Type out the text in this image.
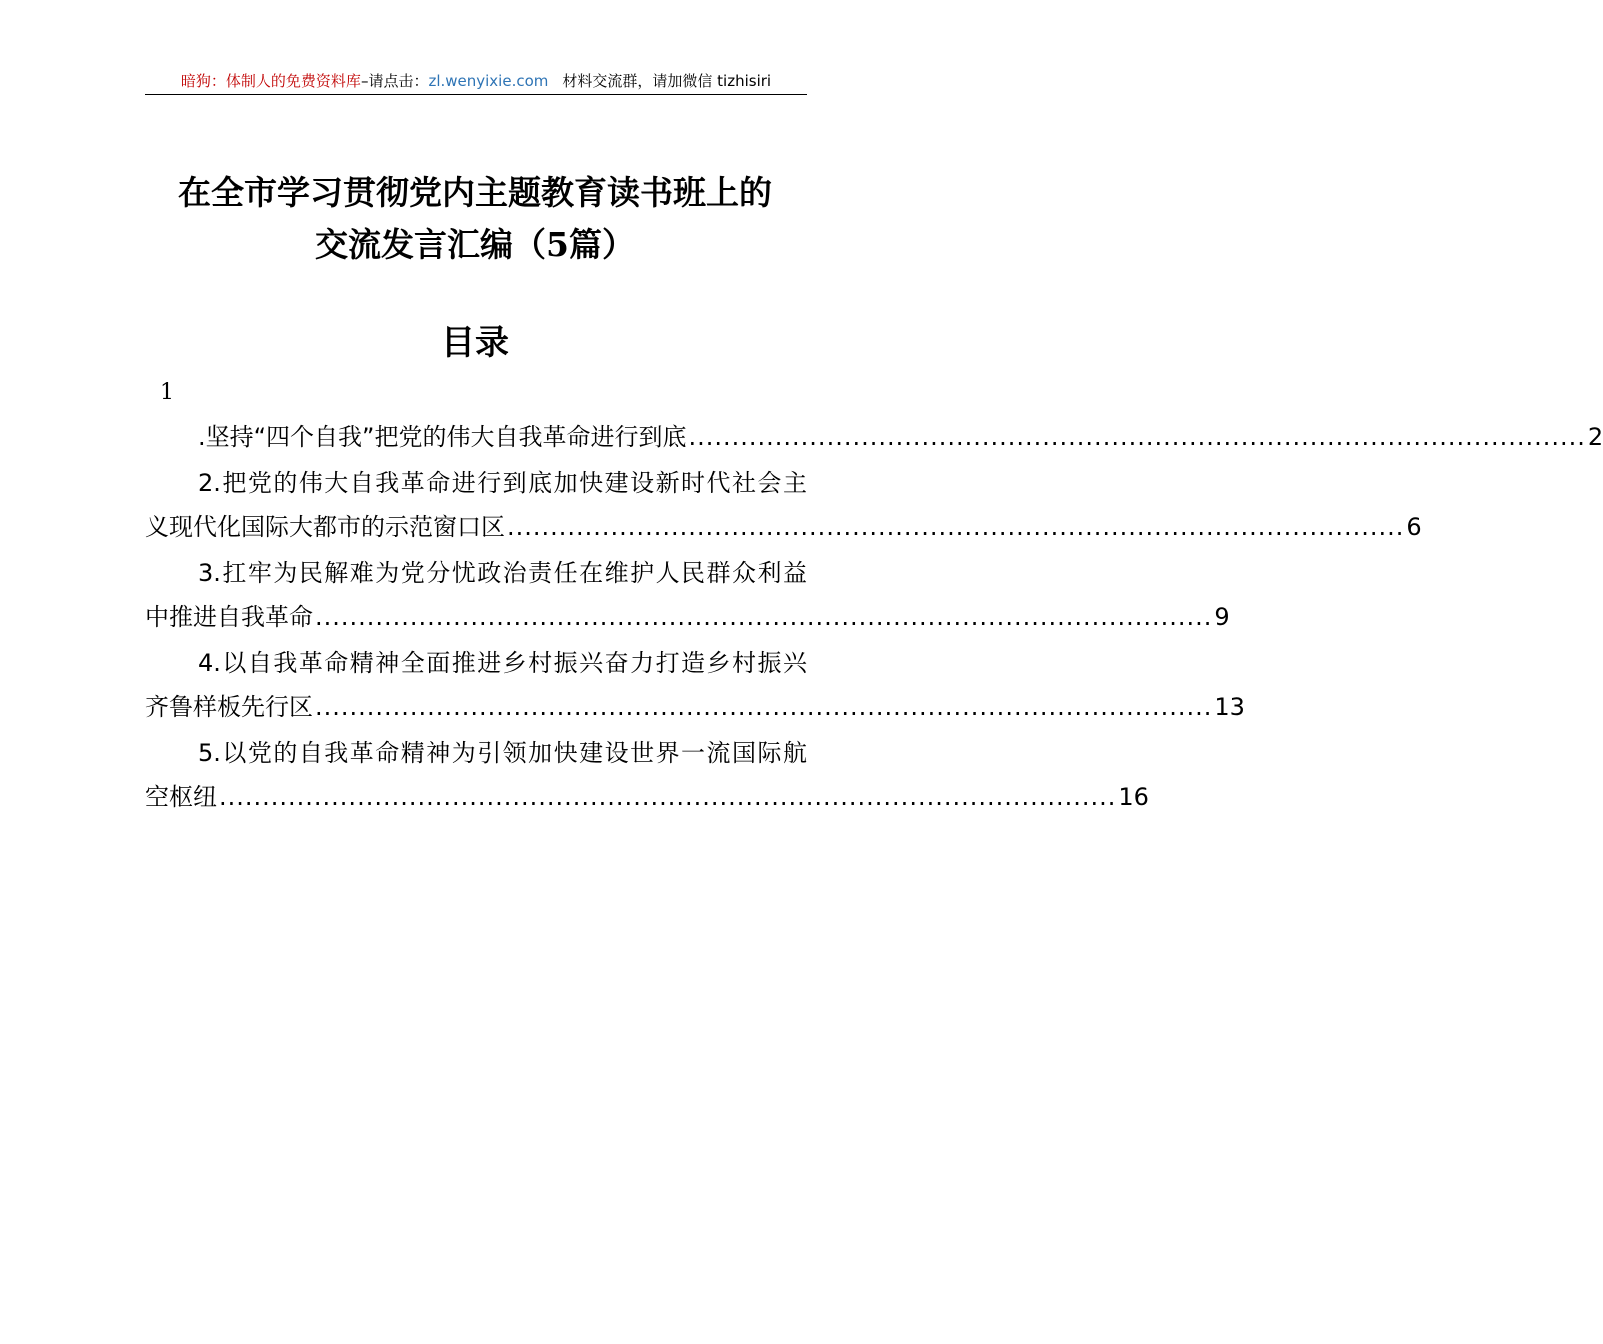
暗狗：体制人的免费资料库–请点击：zl.wenyixie.com 材料交流群，请加微信 tizhisiri
在全市学习贯彻党内主题教育读书班上的
交流发言汇编（5篇）
目录
1
.坚持“四个自我”把党的伟大自我革命进行到底 ........................................................................................................ 2
2.把党的伟大自我革命进行到底加快建设新时代社会主
义现代化国际大都市的示范窗口区 ........................................................................................................ 6
3.扛牢为民解难为党分忧政治责任在维护人民群众利益
中推进自我革命 ........................................................................................................ 9
4.以自我革命精神全面推进乡村振兴奋力打造乡村振兴
齐鲁样板先行区 ........................................................................................................ 13
5.以党的自我革命精神为引领加快建设世界一流国际航
空枢纽 ........................................................................................................ 16
